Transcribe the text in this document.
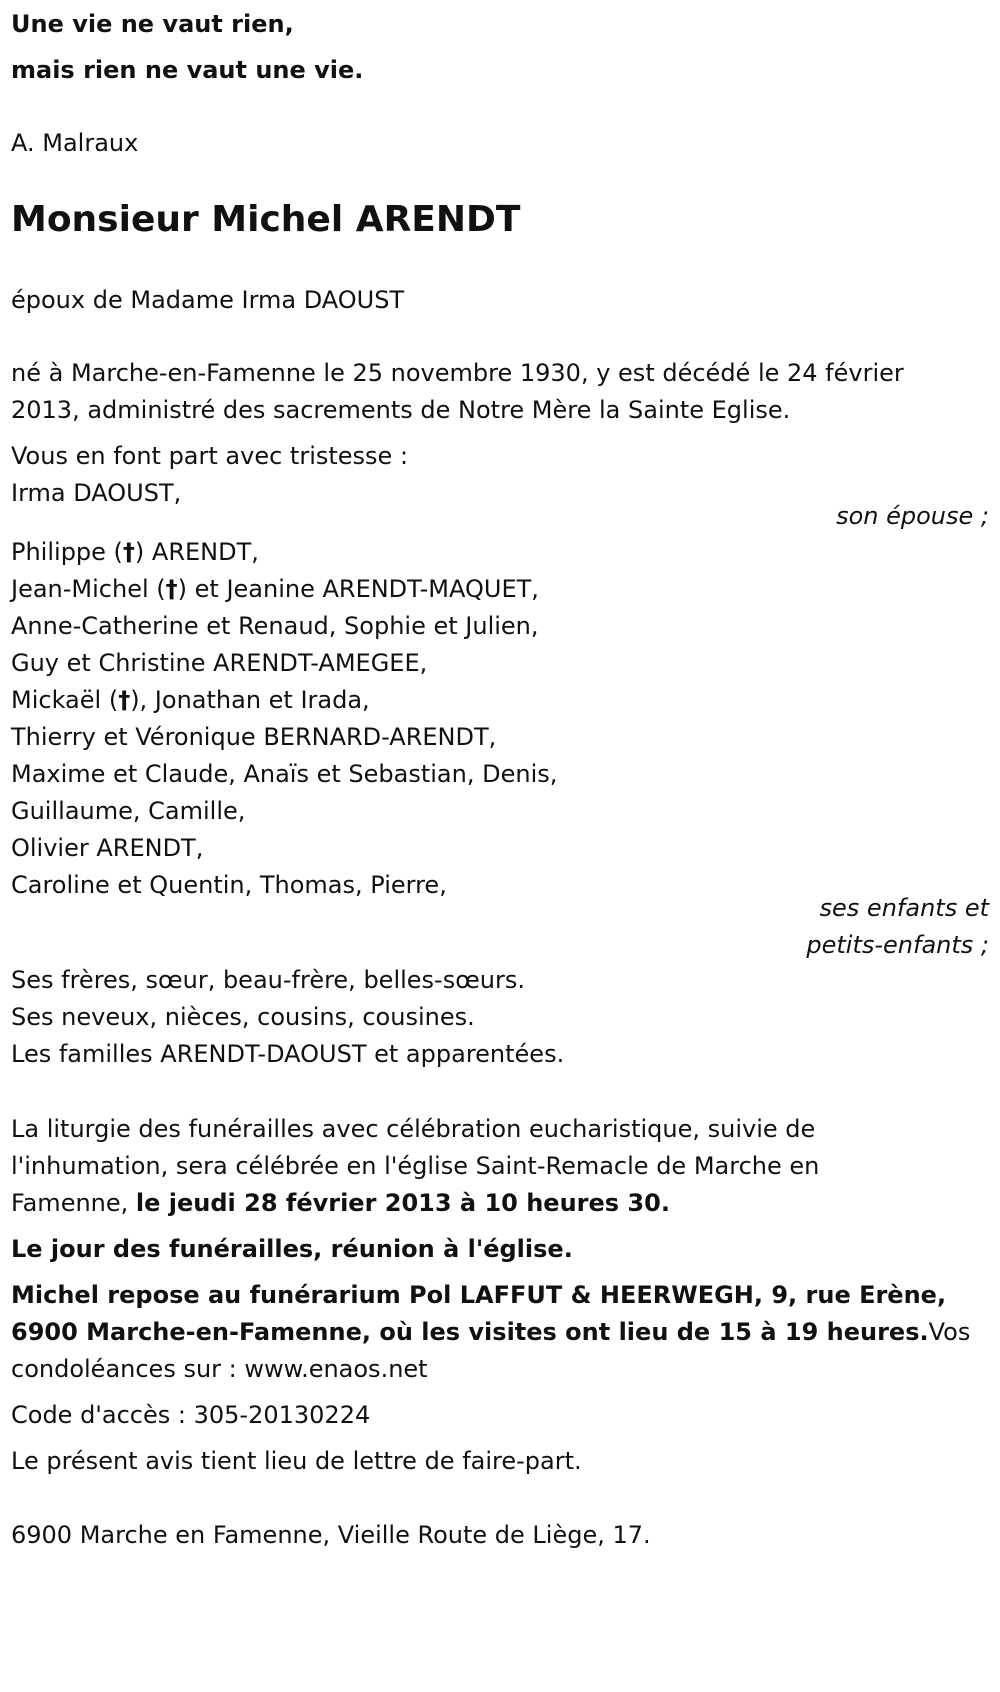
Une vie ne vaut rien,
mais rien ne vaut une vie.
A. Malraux
Monsieur Michel ARENDT
époux de Madame Irma DAOUST
né à Marche-en-Famenne le 25 novembre 1930, y est décédé le 24 février
2013, administré des sacrements de Notre Mère la Sainte Eglise.
Vous en font part avec tristesse :
Irma DAOUST,
son épouse ;
Philippe (†) ARENDT,
Jean-Michel (†) et Jeanine ARENDT-MAQUET,
Anne-Catherine et Renaud, Sophie et Julien,
Guy et Christine ARENDT-AMEGEE,
Mickaël (†), Jonathan et Irada,
Thierry et Véronique BERNARD-ARENDT,
Maxime et Claude, Anaïs et Sebastian, Denis,
Guillaume, Camille,
Olivier ARENDT,
Caroline et Quentin, Thomas, Pierre,
ses enfants et
petits-enfants ;
Ses frères, sœur, beau-frère, belles-sœurs.
Ses neveux, nièces, cousins, cousines.
Les familles ARENDT-DAOUST et apparentées.
La liturgie des funérailles avec célébration eucharistique, suivie de
l'inhumation, sera célébrée en l'église Saint-Remacle de Marche en
Famenne, le jeudi 28 février 2013 à 10 heures 30.
Le jour des funérailles, réunion à l'église.
Michel repose au funérarium Pol LAFFUT & HEERWEGH, 9, rue Erène,
6900 Marche-en-Famenne, où les visites ont lieu de 15 à 19 heures.Vos
condoléances sur : www.enaos.net
Code d'accès : 305-20130224
Le présent avis tient lieu de lettre de faire-part.
6900 Marche en Famenne, Vieille Route de Liège, 17.
